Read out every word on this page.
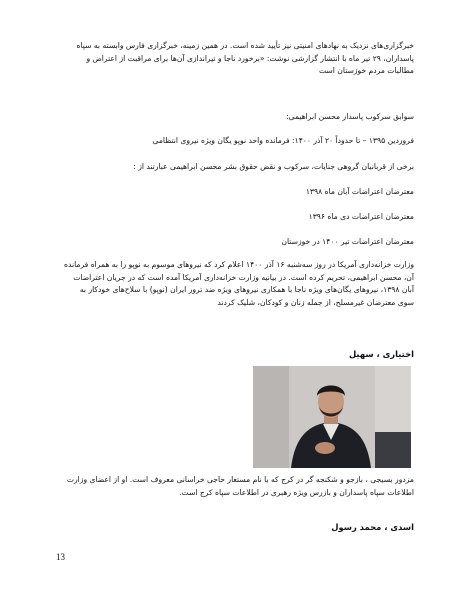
خبرگزاری‌های نزدیک به نهادهای امنیتی نیز تأیید شده است. در همین زمینه، خبرگزاری فارس وابسته به سپاه پاسداران، ۲۹ تیر ماه با انتشار گزارشی نوشت: «برخورد ناجا و تیراندازی آن‌ها برای مراقبت از اعتراض و مطالبات مردم خوزستان است

سوابق سرکوب پاسدار محسن ابراهیمی:

فروردین ۱۳۹۵ – تا حدوداً ۲۰ آذر ۱۴۰۰: فرمانده واحد نوپو یگان ویژه نیروی انتظامی

برخی از قربانیان گروهی جنایات، سرکوب و نقض حقوق بشر محسن ابراهیمی عبارتند از :

معترضان اعتراضات آبان ماه ۱۳۹۸

معترضان اعتراضات دی ماه ۱۳۹۶

معترضان اعتراضات تیر ۱۴۰۰ در خوزستان

وزارت خزانه‌داری آمریکا در روز سه‌شنبه ۱۶ آذر ۱۴۰۰ اعلام کرد که نیروهای موسوم به نوپو را به همراه فرمانده آن، محسن ابراهیمی، تحریم کرده است. در بیانیه وزارت خزانه‌داری آمریکا آمده است که در جریان اعتراضات آبان ۱۳۹۸، نیروهای یگان‌های ویژه ناجا با همکاری نیروهای ویژه ضد ترور ایران (نوپو) با سلاح‌های خودکار به سوی معترضان غیرمسلح، از جمله زنان و کودکان، شلیک کردند

اختیاری ، سهیل

مزدور بسیجی ، بازجو و شکنجه گر در کرج که با نام مستعار حاجی خراسانی معروف است. او از اعضای وزارت اطلاعات سپاه پاسداران و بازرس ویژه رهبری در اطلاعات سپاه کرج است.

اسدی ، محمد رسول

13
